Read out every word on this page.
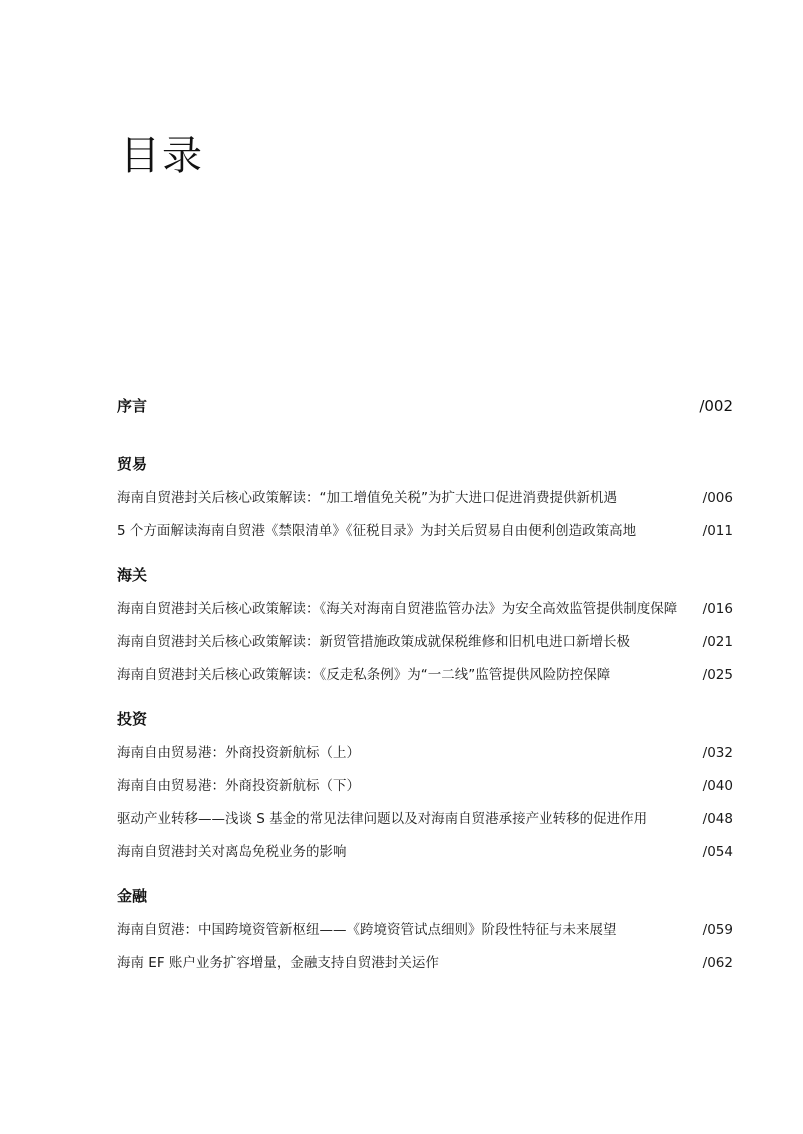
目录
序言	/002
贸易
海南自贸港封关后核心政策解读：“加工增值免关税”为扩大进口促进消费提供新机遇	/006
5 个方面解读海南自贸港《禁限清单》《征税目录》为封关后贸易自由便利创造政策高地	/011
海关
海南自贸港封关后核心政策解读：《海关对海南自贸港监管办法》为安全高效监管提供制度保障	/016
海南自贸港封关后核心政策解读：新贸管措施政策成就保税维修和旧机电进口新增长极	/021
海南自贸港封关后核心政策解读：《反走私条例》为“一二线”监管提供风险防控保障	/025
投资
海南自由贸易港：外商投资新航标（上）	/032
海南自由贸易港：外商投资新航标（下）	/040
驱动产业转移——浅谈 S 基金的常见法律问题以及对海南自贸港承接产业转移的促进作用	/048
海南自贸港封关对离岛免税业务的影响	/054
金融
海南自贸港：中国跨境资管新枢纽——《跨境资管试点细则》阶段性特征与未来展望	/059
海南 EF 账户业务扩容增量，金融支持自贸港封关运作	/062
